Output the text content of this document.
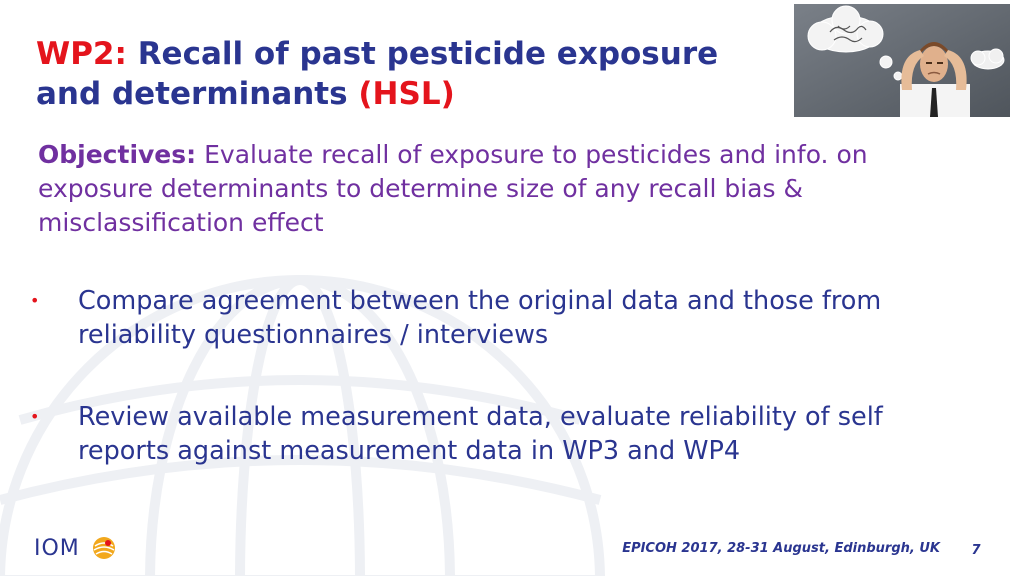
WP2: Recall of past pesticide exposure and determinants (HSL)
Objectives: Evaluate recall of exposure to pesticides and info. on exposure determinants to determine size of any recall bias & misclassification effect
•	Compare agreement between the original data and those from reliability questionnaires / interviews
•	Review available measurement data, evaluate reliability of self reports against measurement data in WP3 and WP4
IOM	EPICOH 2017, 28-31 August, Edinburgh, UK	7
